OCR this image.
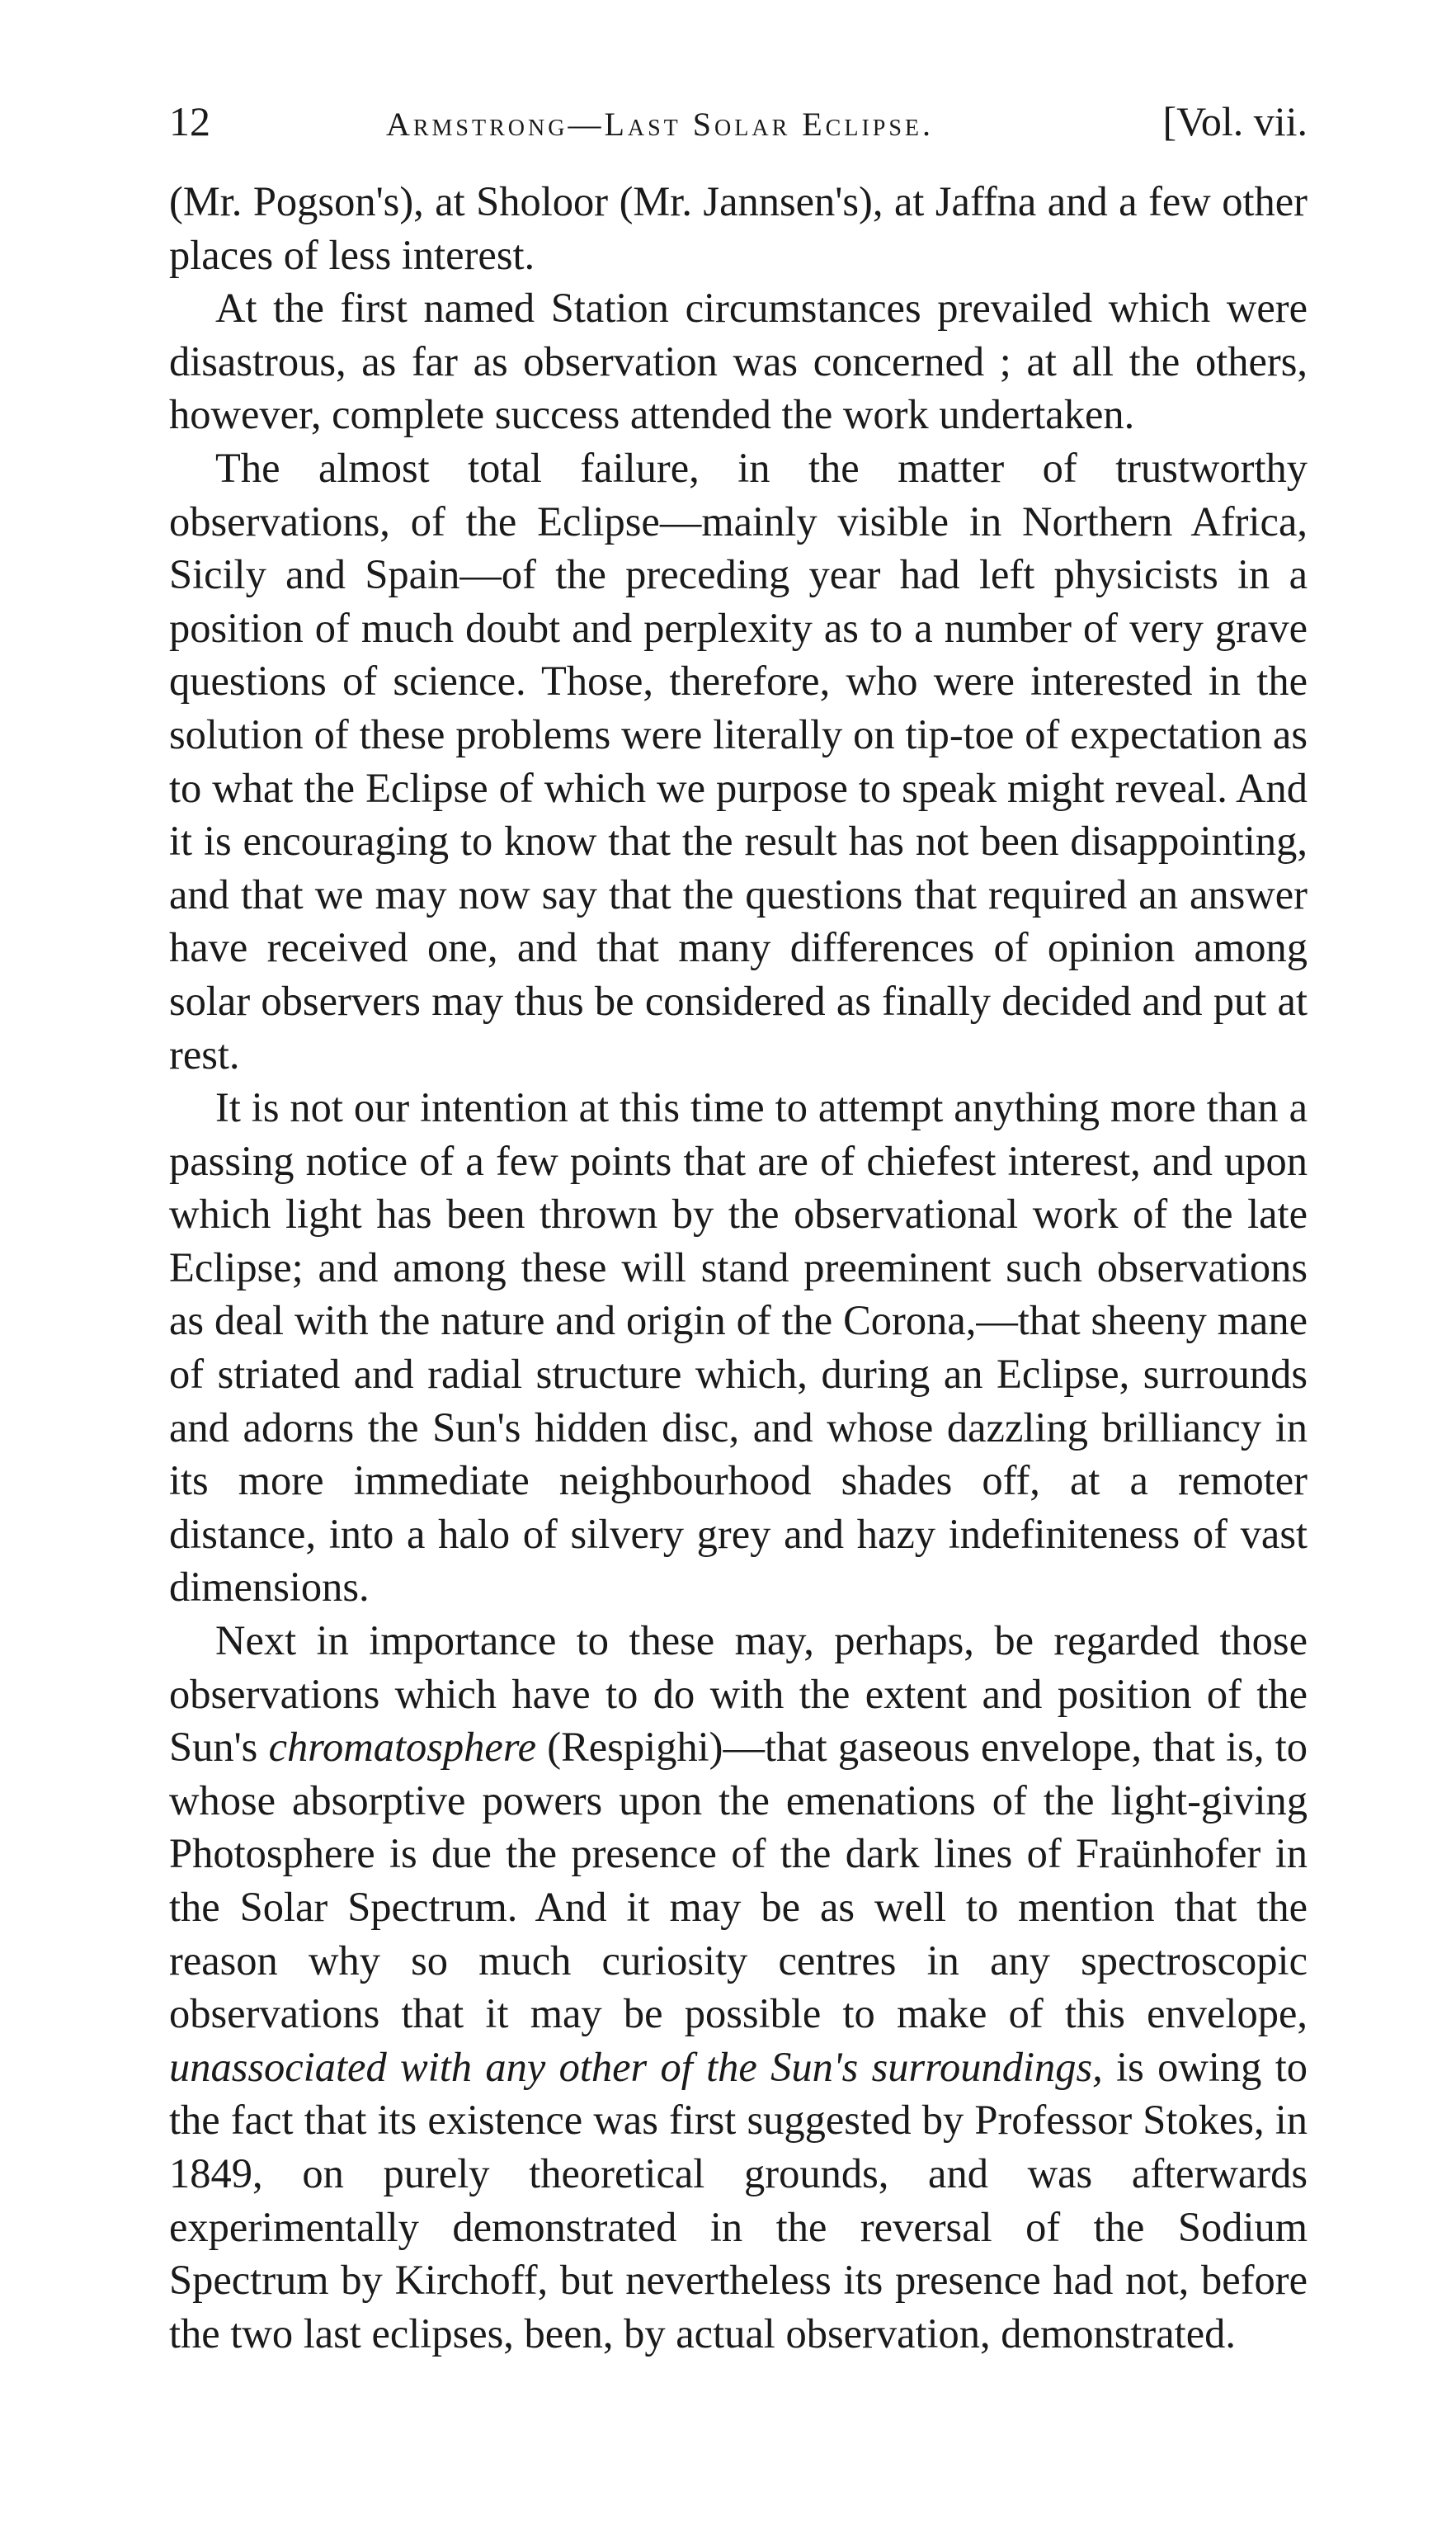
12	Armstrong—Last Solar Eclipse.	[Vol. vii.

(Mr. Pogson's), at Sholoor (Mr. Jannsen's), at Jaffna and a few other places of less interest.

At the first named Station circumstances prevailed which were disastrous, as far as observation was concerned ; at all the others, however, complete success attended the work undertaken.

The almost total failure, in the matter of trustworthy observations, of the Eclipse—mainly visible in Northern Africa, Sicily and Spain—of the preceding year had left physicists in a position of much doubt and perplexity as to a number of very grave questions of science. Those, therefore, who were interested in the solution of these problems were literally on tip-toe of expectation as to what the Eclipse of which we purpose to speak might reveal. And it is encouraging to know that the result has not been disappointing, and that we may now say that the questions that required an answer have received one, and that many differences of opinion among solar observers may thus be considered as finally decided and put at rest.

It is not our intention at this time to attempt anything more than a passing notice of a few points that are of chiefest interest, and upon which light has been thrown by the observational work of the late Eclipse; and among these will stand preeminent such observations as deal with the nature and origin of the Corona,—that sheeny mane of striated and radial structure which, during an Eclipse, surrounds and adorns the Sun's hidden disc, and whose dazzling brilliancy in its more immediate neighbourhood shades off, at a remoter distance, into a halo of silvery grey and hazy indefiniteness of vast dimensions.

Next in importance to these may, perhaps, be regarded those observations which have to do with the extent and position of the Sun's chromatosphere (Respighi)—that gaseous envelope, that is, to whose absorptive powers upon the emenations of the light-giving Photosphere is due the presence of the dark lines of Fraünhofer in the Solar Spectrum. And it may be as well to mention that the reason why so much curiosity centres in any spectroscopic observations that it may be possible to make of this envelope, unassociated with any other of the Sun's surroundings, is owing to the fact that its existence was first suggested by Professor Stokes, in 1849, on purely theoretical grounds, and was afterwards experimentally demonstrated in the reversal of the Sodium Spectrum by Kirchoff, but nevertheless its presence had not, before the two last eclipses, been, by actual observation, demonstrated.
